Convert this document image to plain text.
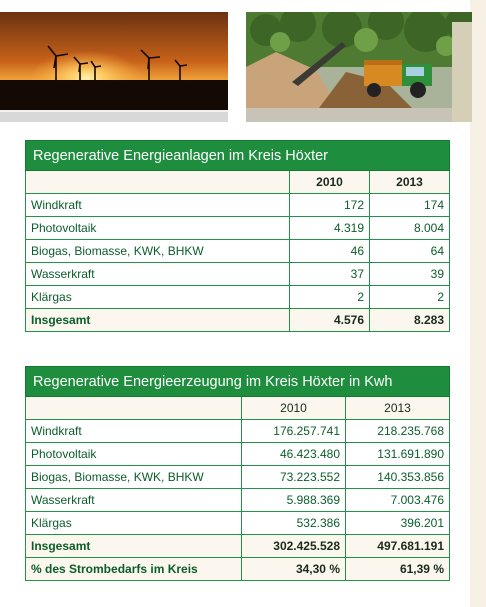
Regenerative Energieanlagen im Kreis Höxter		
	2010	2013
Windkraft	172	174
Photovoltaik	4.319	8.004
Biogas, Biomasse, KWK, BHKW	46	64
Wasserkraft	37	39
Klärgas	2	2
Insgesamt	4.576	8.283
Regenerative Energieerzeugung im Kreis Höxter in Kwh		
	2010	2013
Windkraft	176.257.741	218.235.768
Photovoltaik	46.423.480	131.691.890
Biogas, Biomasse, KWK, BHKW	73.223.552	140.353.856
Wasserkraft	5.988.369	7.003.476
Klärgas	532.386	396.201
Insgesamt	302.425.528	497.681.191
% des Strombedarfs im Kreis	34,30 %	61,39 %
